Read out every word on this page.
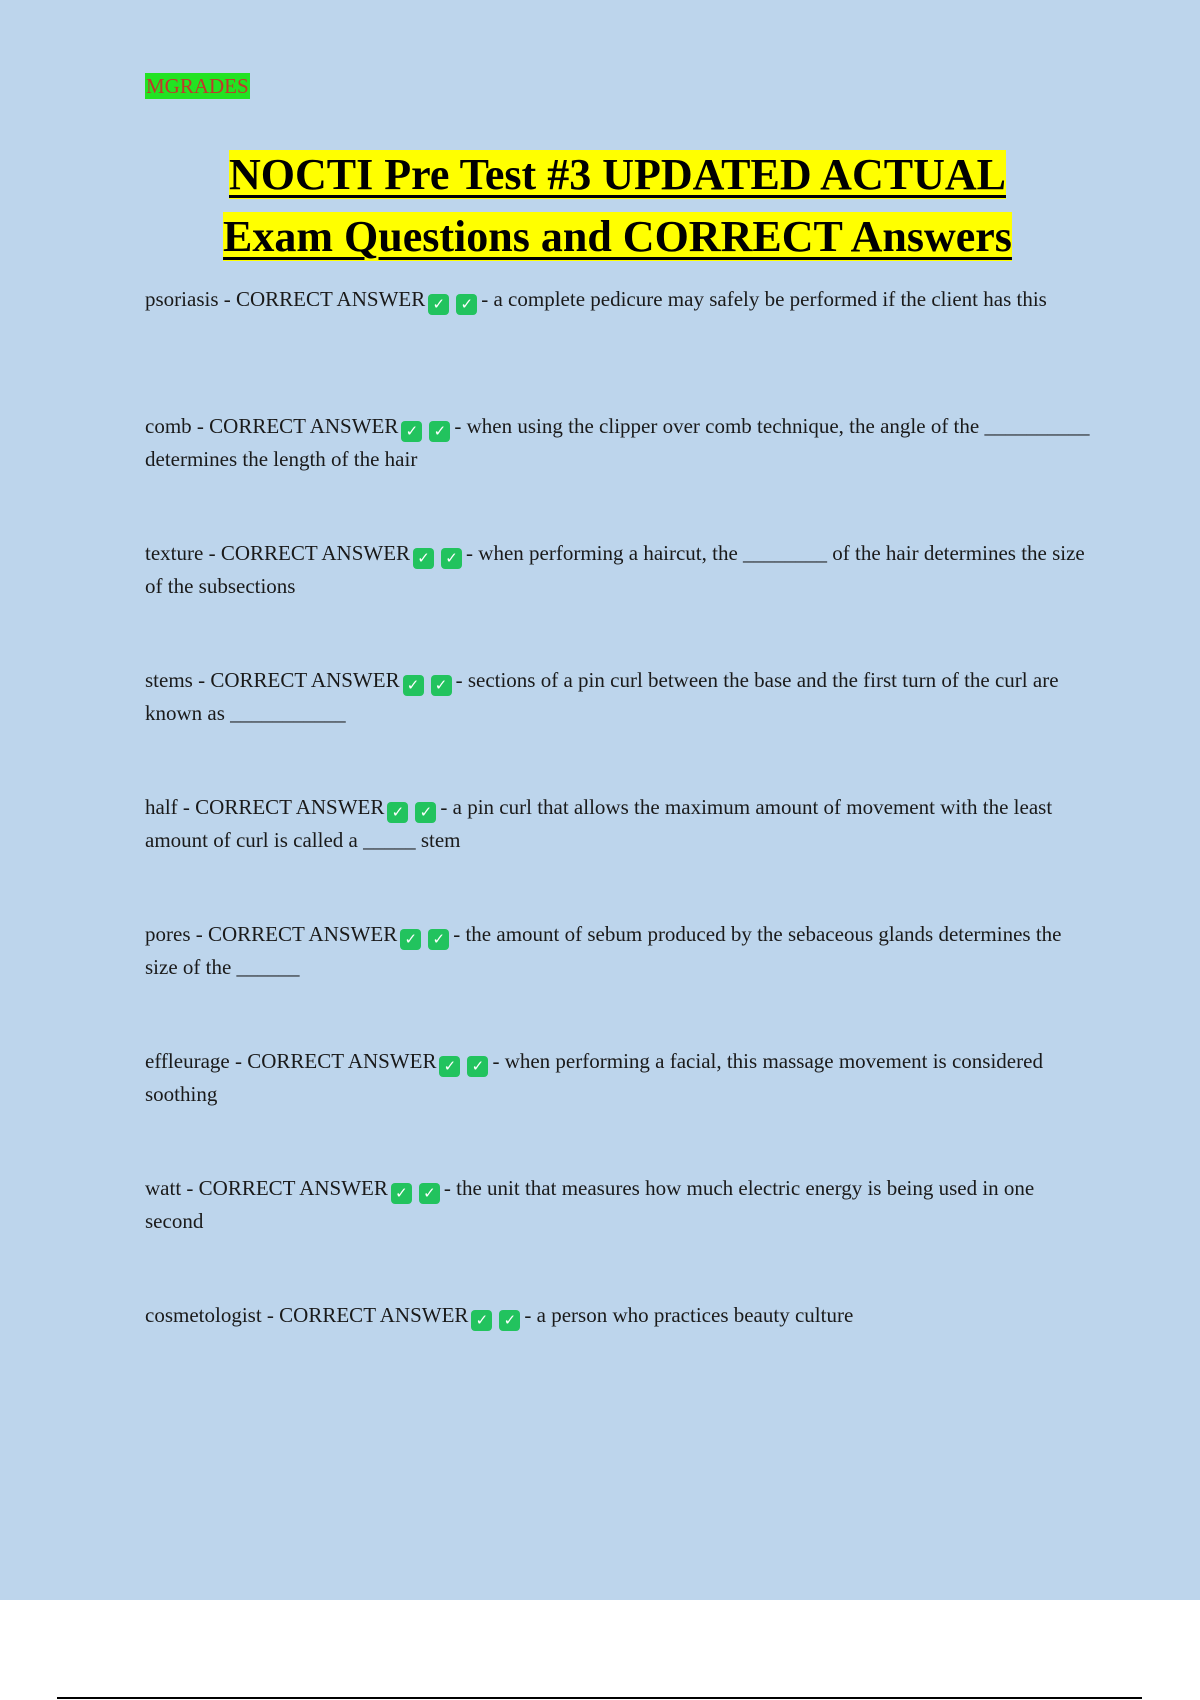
MGRADES
NOCTI Pre Test #3 UPDATED ACTUAL
Exam Questions and CORRECT Answers
psoriasis - CORRECT ANSWER ✓ ✓ - a complete pedicure may safely be performed if the client has this
comb - CORRECT ANSWER ✓ ✓ - when using the clipper over comb technique, the angle of the __________ determines the length of the hair
texture - CORRECT ANSWER ✓ ✓ - when performing a haircut, the ________ of the hair determines the size of the subsections
stems - CORRECT ANSWER ✓ ✓ - sections of a pin curl between the base and the first turn of the curl are known as ___________
half - CORRECT ANSWER ✓ ✓ - a pin curl that allows the maximum amount of movement with the least amount of curl is called a _____ stem
pores - CORRECT ANSWER ✓ ✓ - the amount of sebum produced by the sebaceous glands determines the size of the ______
effleurage - CORRECT ANSWER ✓ ✓ - when performing a facial, this massage movement is considered soothing
watt - CORRECT ANSWER ✓ ✓ - the unit that measures how much electric energy is being used in one second
cosmetologist - CORRECT ANSWER ✓ ✓ - a person who practices beauty culture
